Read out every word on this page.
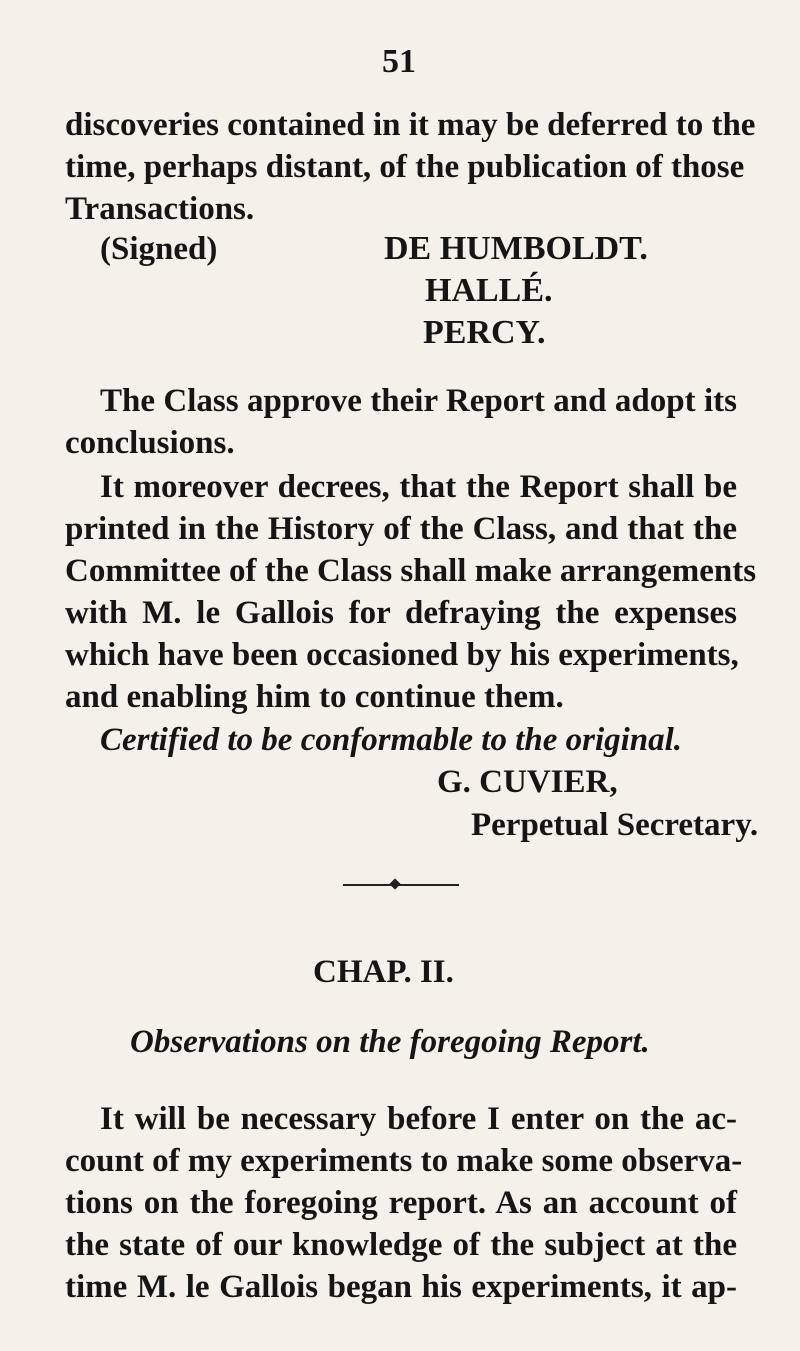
51
discoveries contained in it may be deferred to the
time, perhaps distant, of the publication of those
Transactions.
(Signed)	DE HUMBOLDT.
HALLÉ.
PERCY.
The Class approve their Report and adopt its
conclusions.
It moreover decrees, that the Report shall be
printed in the History of the Class, and that the
Committee of the Class shall make arrangements
with M. le Gallois for defraying the expenses
which have been occasioned by his experiments,
and enabling him to continue them.
Certified to be conformable to the original.
G. CUVIER,
Perpetual Secretary.
CHAP. II.
Observations on the foregoing Report.
It will be necessary before I enter on the ac-
count of my experiments to make some observa-
tions on the foregoing report. As an account of
the state of our knowledge of the subject at the
time M. le Gallois began his experiments, it ap-
